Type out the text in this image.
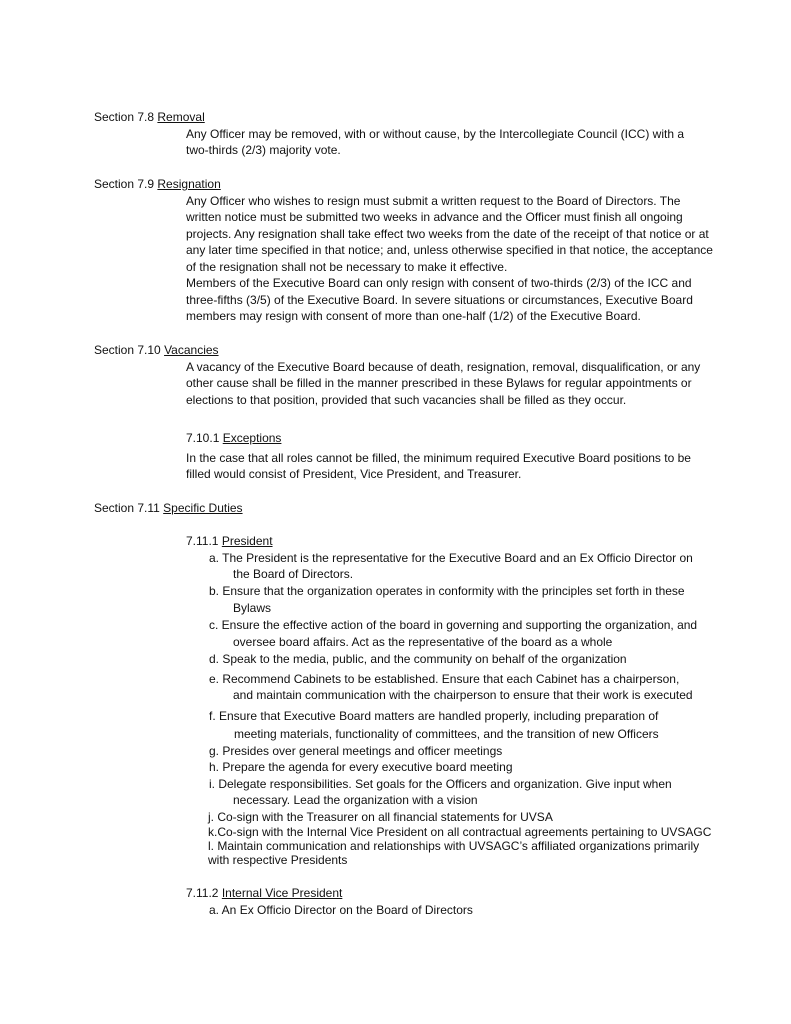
Section 7.8 Removal
Any Officer may be removed, with or without cause, by the Intercollegiate Council (ICC) with a
two-thirds (2/3) majority vote.
Section 7.9 Resignation
Any Officer who wishes to resign must submit a written request to the Board of Directors. The
written notice must be submitted two weeks in advance and the Officer must finish all ongoing
projects. Any resignation shall take effect two weeks from the date of the receipt of that notice or at
any later time specified in that notice; and, unless otherwise specified in that notice, the acceptance
of the resignation shall not be necessary to make it effective.
Members of the Executive Board can only resign with consent of two-thirds (2/3) of the ICC and
three-fifths (3/5) of the Executive Board. In severe situations or circumstances, Executive Board
members may resign with consent of more than one-half (1/2) of the Executive Board.
Section 7.10 Vacancies
A vacancy of the Executive Board because of death, resignation, removal, disqualification, or any
other cause shall be filled in the manner prescribed in these Bylaws for regular appointments or
elections to that position, provided that such vacancies shall be filled as they occur.
7.10.1 Exceptions
In the case that all roles cannot be filled, the minimum required Executive Board positions to be
filled would consist of President, Vice President, and Treasurer.
Section 7.11 Specific Duties
7.11.1 President
a. The President is the representative for the Executive Board and an Ex Officio Director on
the Board of Directors.
b. Ensure that the organization operates in conformity with the principles set forth in these
Bylaws
c. Ensure the effective action of the board in governing and supporting the organization, and
oversee board affairs. Act as the representative of the board as a whole
d. Speak to the media, public, and the community on behalf of the organization
e. Recommend Cabinets to be established. Ensure that each Cabinet has a chairperson,
and maintain communication with the chairperson to ensure that their work is executed
f. Ensure that Executive Board matters are handled properly, including preparation of
meeting materials, functionality of committees, and the transition of new Officers
g. Presides over general meetings and officer meetings
h. Prepare the agenda for every executive board meeting
i. Delegate responsibilities. Set goals for the Officers and organization. Give input when
necessary. Lead the organization with a vision
j. Co-sign with the Treasurer on all financial statements for UVSA
k.Co-sign with the Internal Vice President on all contractual agreements pertaining to UVSAGC
l. Maintain communication and relationships with UVSAGC’s affiliated organizations primarily
with respective Presidents
7.11.2 Internal Vice President
a. An Ex Officio Director on the Board of Directors
